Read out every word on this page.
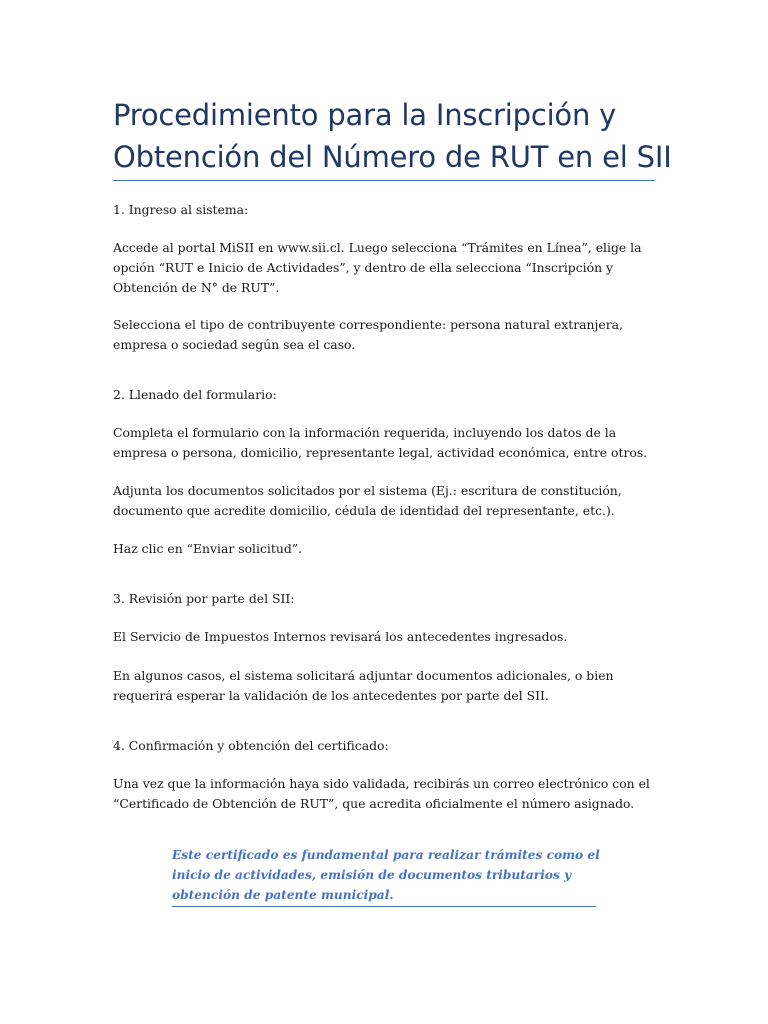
Procedimiento para la Inscripción y Obtención del Número de RUT en el SII

1. Ingreso al sistema:

Accede al portal MiSII en www.sii.cl. Luego selecciona “Trámites en Línea”, elige la opción “RUT e Inicio de Actividades”, y dentro de ella selecciona “Inscripción y Obtención de N° de RUT”.

Selecciona el tipo de contribuyente correspondiente: persona natural extranjera, empresa o sociedad según sea el caso.

2. Llenado del formulario:

Completa el formulario con la información requerida, incluyendo los datos de la empresa o persona, domicilio, representante legal, actividad económica, entre otros.

Adjunta los documentos solicitados por el sistema (Ej.: escritura de constitución, documento que acredite domicilio, cédula de identidad del representante, etc.).

Haz clic en “Enviar solicitud”.

3. Revisión por parte del SII:

El Servicio de Impuestos Internos revisará los antecedentes ingresados.

En algunos casos, el sistema solicitará adjuntar documentos adicionales, o bien requerirá esperar la validación de los antecedentes por parte del SII.

4. Confirmación y obtención del certificado:

Una vez que la información haya sido validada, recibirás un correo electrónico con el “Certificado de Obtención de RUT”, que acredita oficialmente el número asignado.

Este certificado es fundamental para realizar trámites como el inicio de actividades, emisión de documentos tributarios y obtención de patente municipal.
